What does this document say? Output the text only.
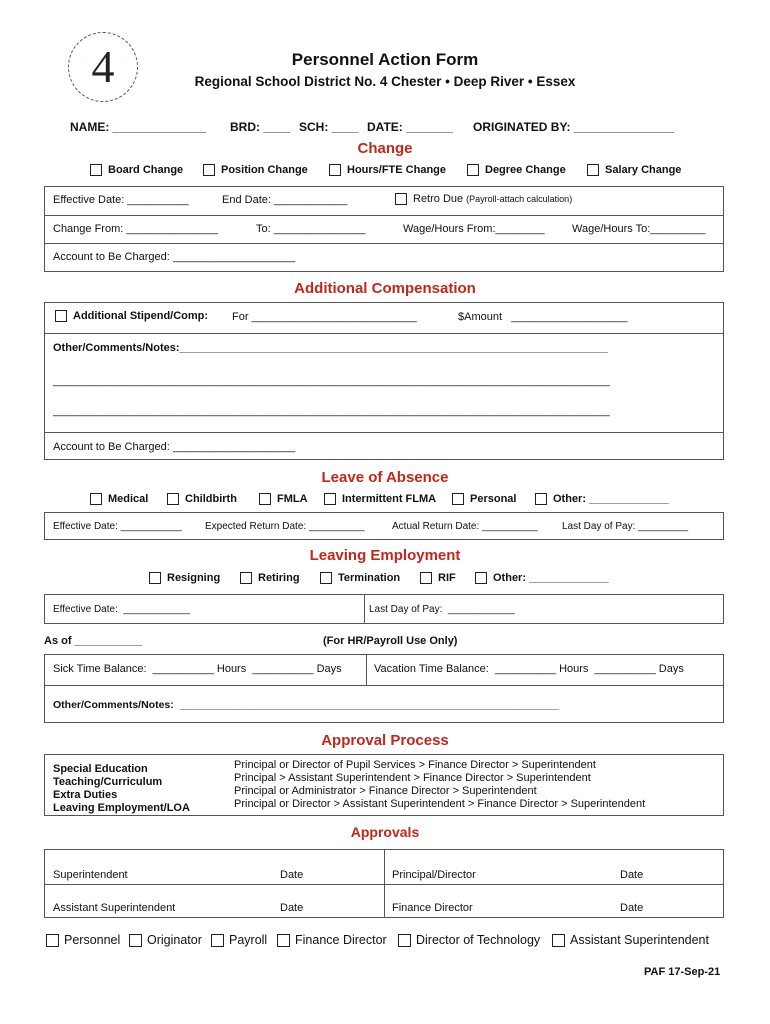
4	Personnel Action Form
Regional School District No. 4 Chester • Deep River • Essex
NAME: ______________ BRD: ____ SCH: ____ DATE: _______ ORIGINATED BY: _______________
Change
Board Change	Position Change	Hours/FTE Change	Degree Change	Salary Change
Effective Date: __________	End Date: ____________	Retro Due (Payroll-attach calculation)
Change From: _______________	To: _______________	Wage/Hours From:________	Wage/Hours To:_________
Account to Be Charged: ____________________
Additional Compensation
Additional Stipend/Comp: For ___________________________	$Amount   ___________________
Other/Comments/Notes:______________________________________________________________________
___________________________________________________________________________________________
___________________________________________________________________________________________
Account to Be Charged: ____________________
Leave of Absence
Medical	Childbirth	FMLA	Intermittent FLMA	Personal	Other: _____________
Effective Date: ___________ Expected Return Date: __________	Actual Return Date: __________ Last Day of Pay: _________
Leaving Employment
Resigning	Retiring	Termination	RIF	Other: _____________
Effective Date:  ____________	Last Day of Pay:  ____________
As of ___________	(For HR/Payroll Use Only)
Sick Time Balance:  __________ Hours  __________ Days	Vacation Time Balance:  __________ Hours  __________ Days
Other/Comments/Notes:  _________________________________________________________________
Approval Process
Special Education	Principal or Director of Pupil Services > Finance Director > Superintendent
Teaching/Curriculum	Principal > Assistant Superintendent > Finance Director > Superintendent
Extra Duties	Principal or Administrator > Finance Director > Superintendent
Leaving Employment/LOA	Principal or Director > Assistant Superintendent > Finance Director > Superintendent
Approvals
Superintendent	Date	Principal/Director	Date
Assistant Superintendent	Date	Finance Director	Date
Personnel Originator Payroll Finance Director Director of Technology Assistant Superintendent
PAF 17-Sep-21
